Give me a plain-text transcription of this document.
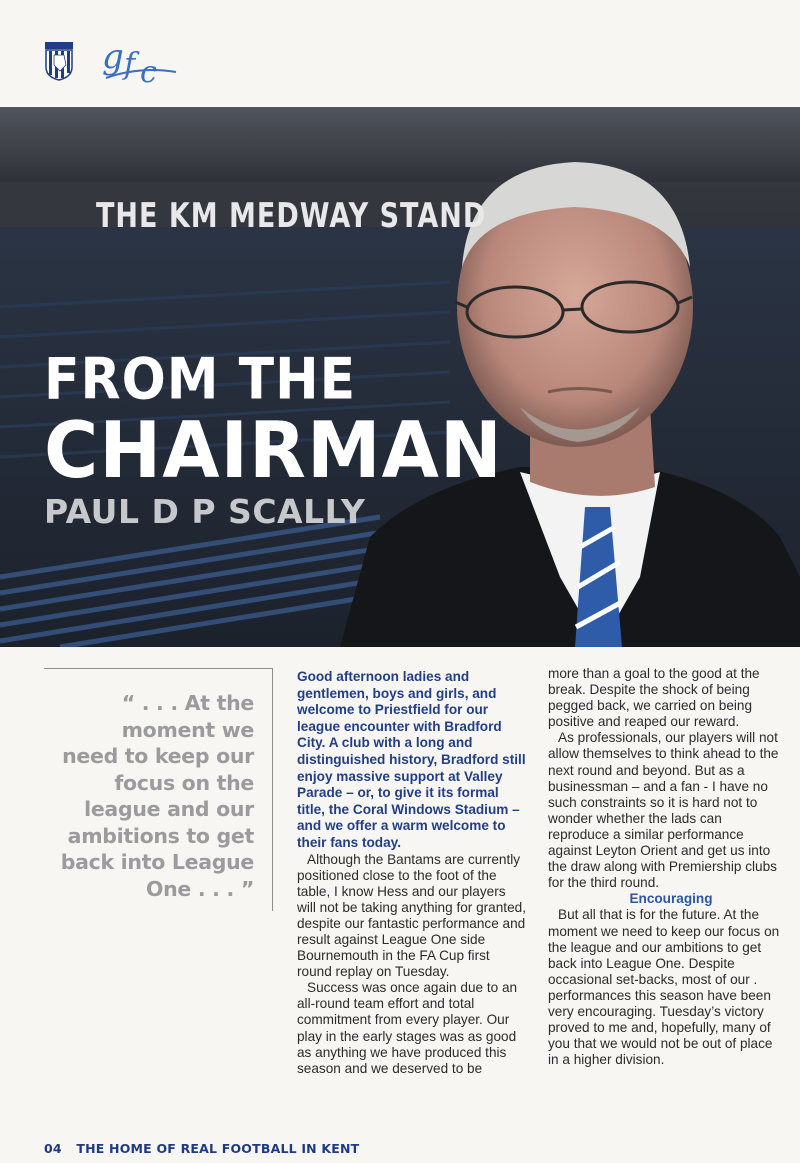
g f c
THE KM MEDWAY STAND
FROM THE
CHAIRMAN
PAUL D P SCALLY
“ . . . At the moment we need to keep our focus on the league and our ambitions to get back into League One . . . ”

Good afternoon ladies and gentlemen, boys and girls, and welcome to Priestfield for our league encounter with Bradford City. A club with a long and distinguished history, Bradford still enjoy massive support at Valley Parade – or, to give it its formal title, the Coral Windows Stadium – and we offer a warm welcome to their fans today.

Although the Bantams are currently positioned close to the foot of the table, I know Hess and our players will not be taking anything for granted, despite our fantastic performance and result against League One side Bournemouth in the FA Cup first round replay on Tuesday.

Success was once again due to an all-round team effort and total commitment from every player. Our play in the early stages was as good as anything we have produced this season and we deserved to be

more than a goal to the good at the break. Despite the shock of being pegged back, we carried on being positive and reaped our reward.

As professionals, our players will not allow themselves to think ahead to the next round and beyond. But as a businessman – and a fan - I have no such constraints so it is hard not to wonder whether the lads can reproduce a similar performance against Leyton Orient and get us into the draw along with Premiership clubs for the third round.

Encouraging

But all that is for the future. At the moment we need to keep our focus on the league and our ambitions to get back into League One. Despite occasional set-backs, most of our . performances this season have been very encouraging. Tuesday’s victory proved to me and, hopefully, many of you that we would not be out of place in a higher division.

04 THE HOME OF REAL FOOTBALL IN KENT
